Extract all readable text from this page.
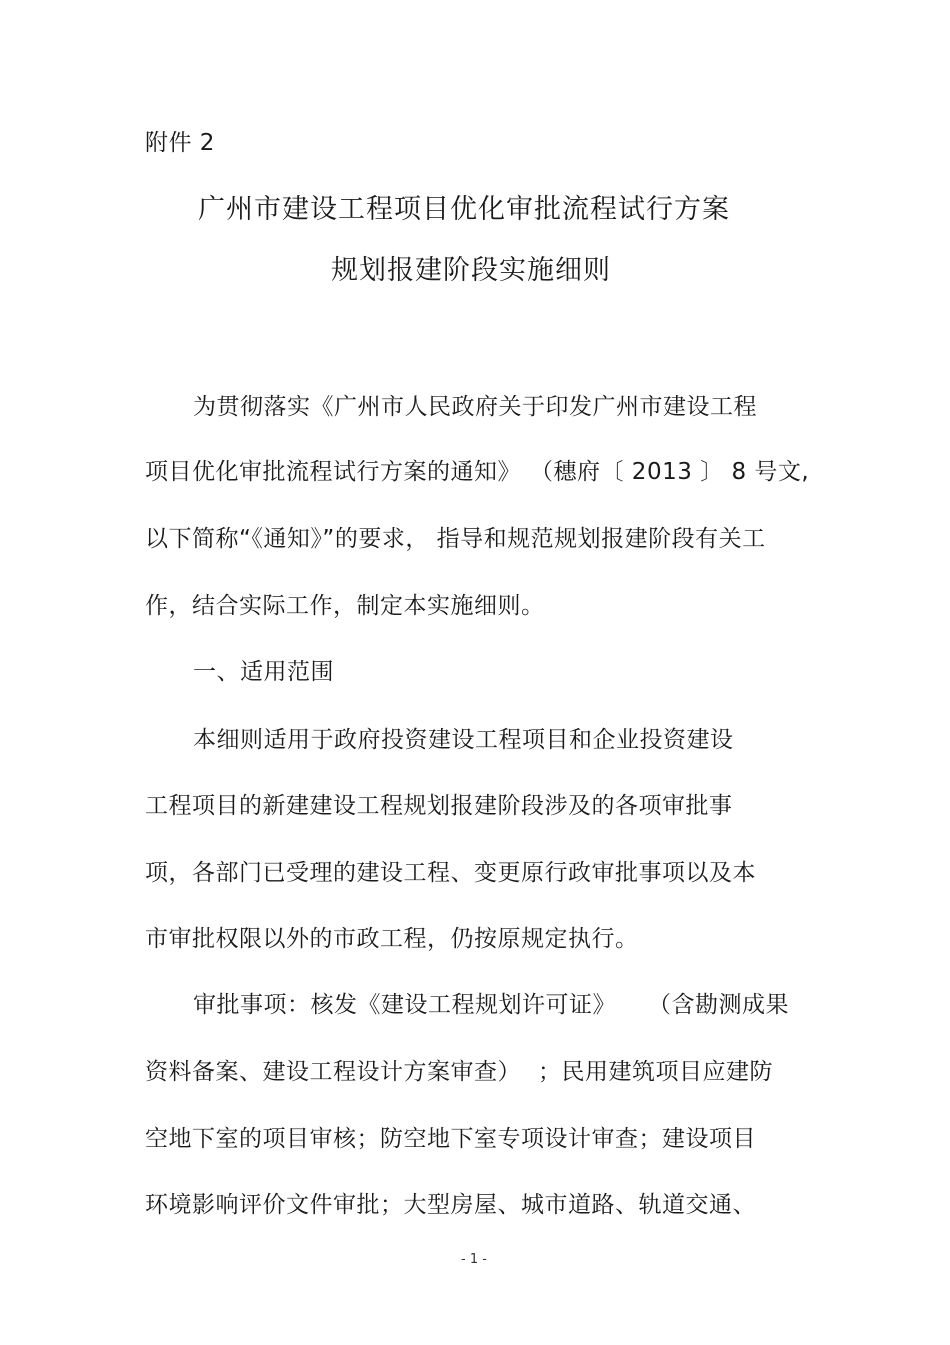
附件 2
广州市建设工程项目优化审批流程试行方案
规划报建阶段实施细则
为贯彻落实《广州市人民政府关于印发广州市建设工程
项目优化审批流程试行方案的通知》 （穗府〔 2013 〕 8 号文,
以下简称“《通知》”的要求， 指导和规范规划报建阶段有关工
作，结合实际工作，制定本实施细则。
一、适用范围
本细则适用于政府投资建设工程项目和企业投资建设
工程项目的新建建设工程规划报建阶段涉及的各项审批事
项，各部门已受理的建设工程、变更原行政审批事项以及本
市审批权限以外的市政工程，仍按原规定执行。
审批事项：核发《建设工程规划许可证》 （含勘测成果
资料备案、建设工程设计方案审查） ；民用建筑项目应建防
空地下室的项目审核；防空地下室专项设计审查；建设项目
环境影响评价文件审批；大型房屋、城市道路、轨道交通、
- 1 -
